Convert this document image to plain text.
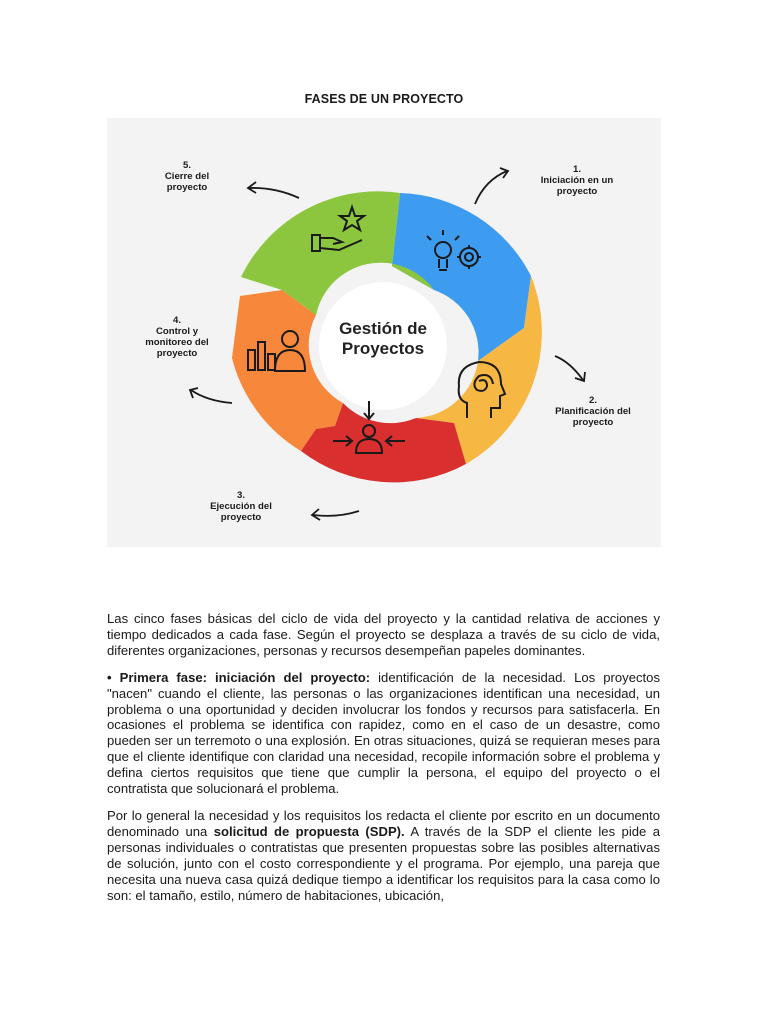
FASES DE UN PROYECTO
Gestión de
Proyectos
1.
Iniciación en un
proyecto
2.
Planificación del
proyecto
3.
Ejecución del
proyecto
4.
Control y
monitoreo del
proyecto
5.
Cierre del
proyecto

Las cinco fases básicas del ciclo de vida del proyecto y la cantidad relativa de acciones y tiempo dedicados a cada fase. Según el proyecto se desplaza a través de su ciclo de vida, diferentes organizaciones, personas y recursos desempeñan papeles dominantes.

• Primera fase: iniciación del proyecto: identificación de la necesidad. Los proyectos "nacen" cuando el cliente, las personas o las organizaciones identifican una necesidad, un problema o una oportunidad y deciden involucrar los fondos y recursos para satisfacerla. En ocasiones el problema se identifica con rapidez, como en el caso de un desastre, como pueden ser un terremoto o una explosión. En otras situaciones, quizá se requieran meses para que el cliente identifique con claridad una necesidad, recopile información sobre el problema y defina ciertos requisitos que tiene que cumplir la persona, el equipo del proyecto o el contratista que solucionará el problema.

Por lo general la necesidad y los requisitos los redacta el cliente por escrito en un documento denominado una solicitud de propuesta (SDP). A través de la SDP el cliente les pide a personas individuales o contratistas que presenten propuestas sobre las posibles alternativas de solución, junto con el costo correspondiente y el programa. Por ejemplo, una pareja que necesita una nueva casa quizá dedique tiempo a identificar los requisitos para la casa como lo son: el tamaño, estilo, número de habitaciones, ubicación,
